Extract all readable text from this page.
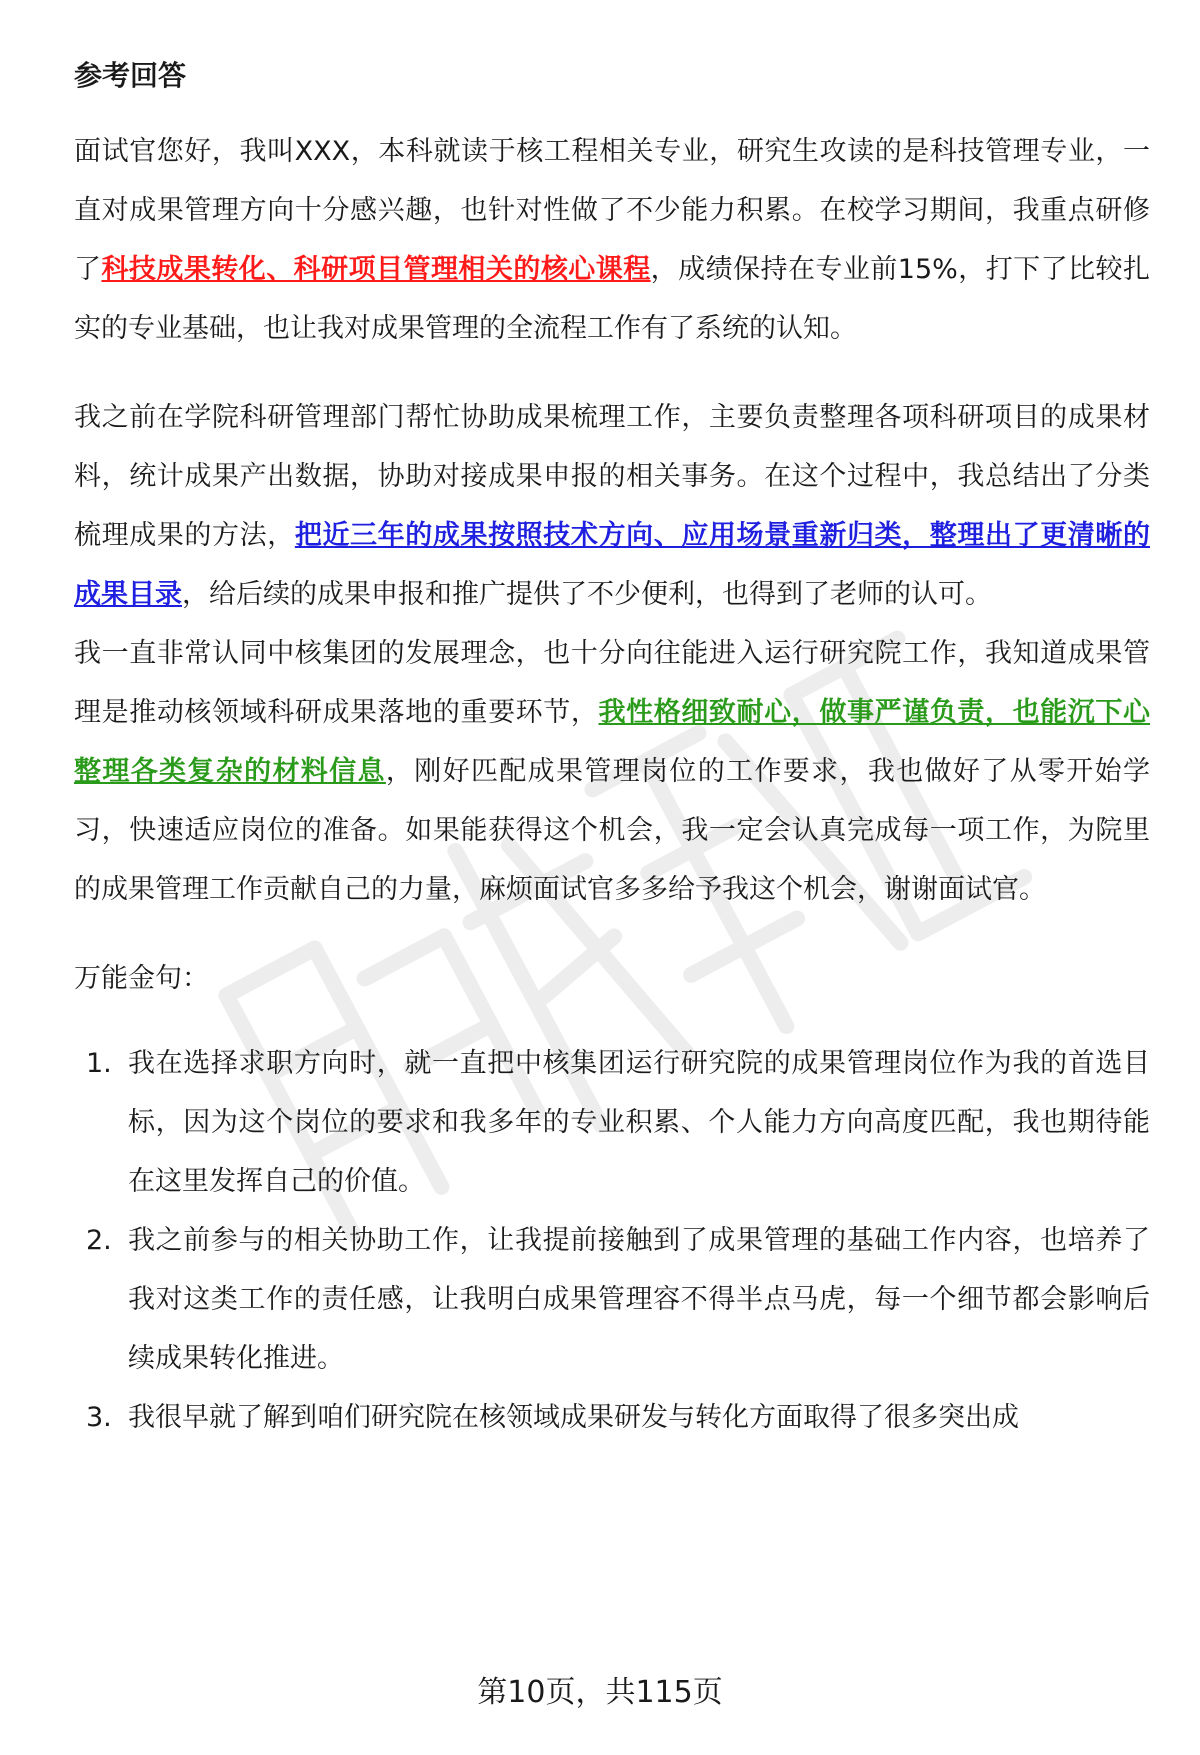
参考回答

面试官您好，我叫XXX，本科就读于核工程相关专业，研究生攻读的是科技管理专业，一直对成果管理方向十分感兴趣，也针对性做了不少能力积累。在校学习期间，我重点研修了科技成果转化、科研项目管理相关的核心课程，成绩保持在专业前15%，打下了比较扎实的专业基础，也让我对成果管理的全流程工作有了系统的认知。

我之前在学院科研管理部门帮忙协助成果梳理工作，主要负责整理各项科研项目的成果材料，统计成果产出数据，协助对接成果申报的相关事务。在这个过程中，我总结出了分类梳理成果的方法，把近三年的成果按照技术方向、应用场景重新归类，整理出了更清晰的成果目录，给后续的成果申报和推广提供了不少便利，也得到了老师的认可。

我一直非常认同中核集团的发展理念，也十分向往能进入运行研究院工作，我知道成果管理是推动核领域科研成果落地的重要环节，我性格细致耐心，做事严谨负责，也能沉下心整理各类复杂的材料信息，刚好匹配成果管理岗位的工作要求，我也做好了从零开始学习，快速适应岗位的准备。如果能获得这个机会，我一定会认真完成每一项工作，为院里的成果管理工作贡献自己的力量，麻烦面试官多多给予我这个机会，谢谢面试官。

万能金句：

1. 我在选择求职方向时，就一直把中核集团运行研究院的成果管理岗位作为我的首选目标，因为这个岗位的要求和我多年的专业积累、个人能力方向高度匹配，我也期待能在这里发挥自己的价值。
2. 我之前参与的相关协助工作，让我提前接触到了成果管理的基础工作内容，也培养了我对这类工作的责任感，让我明白成果管理容不得半点马虎，每一个细节都会影响后续成果转化推进。
3. 我很早就了解到咱们研究院在核领域成果研发与转化方面取得了很多突出成
第10页，共115页
